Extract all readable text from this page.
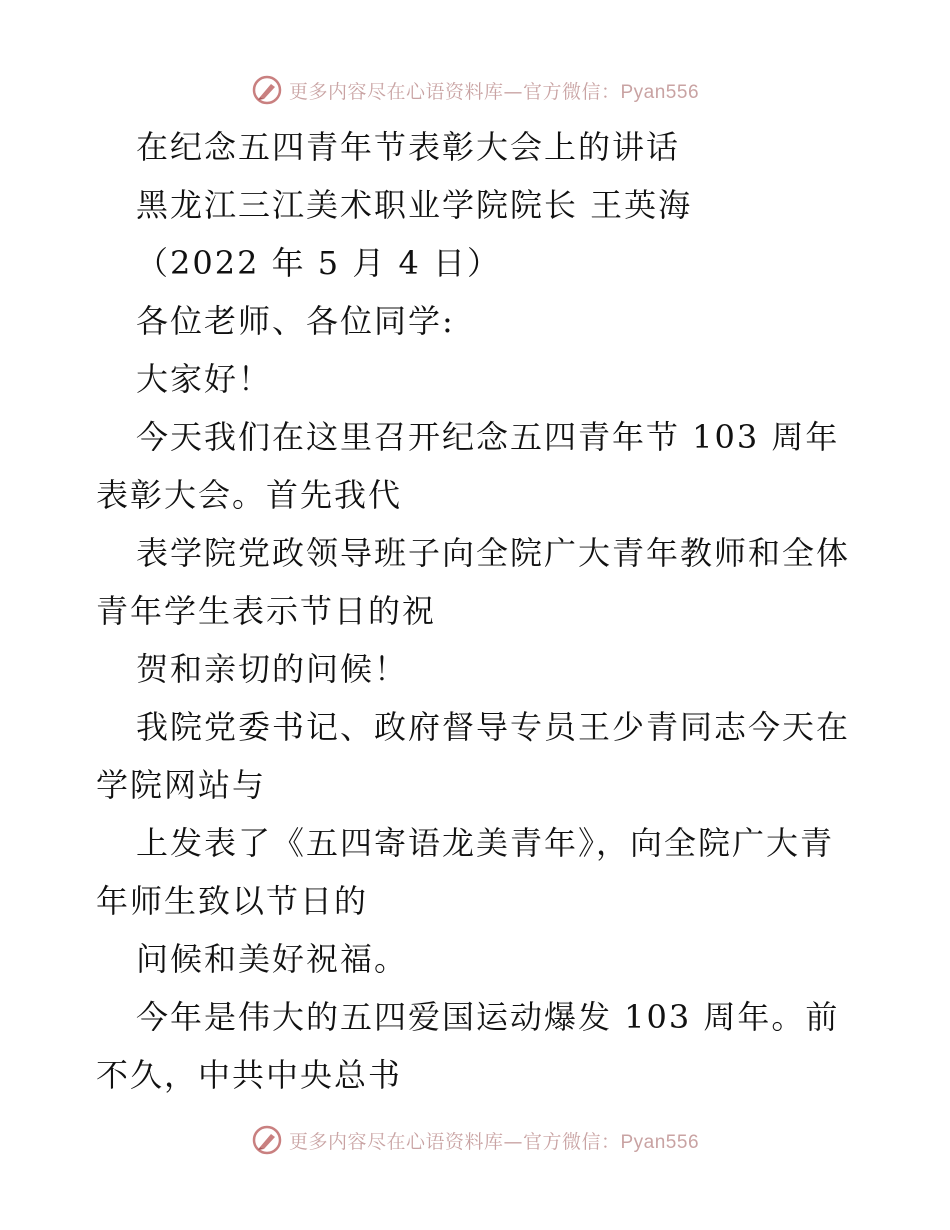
更多内容尽在心语资料库—官方微信：Pyan556
在纪念五四青年节表彰大会上的讲话
黑龙江三江美术职业学院院长 王英海
（2022 年 5 月 4 日）
各位老师、各位同学:
大家好！
今天我们在这里召开纪念五四青年节 103 周年
表彰大会。首先我代
表学院党政领导班子向全院广大青年教师和全体
青年学生表示节日的祝
贺和亲切的问候！
我院党委书记、政府督导专员王少青同志今天在
学院网站与
上发表了《五四寄语龙美青年》，向全院广大青
年师生致以节日的
问候和美好祝福。
今年是伟大的五四爱国运动爆发 103 周年。前
不久，中共中央总书
更多内容尽在心语资料库—官方微信：Pyan556
